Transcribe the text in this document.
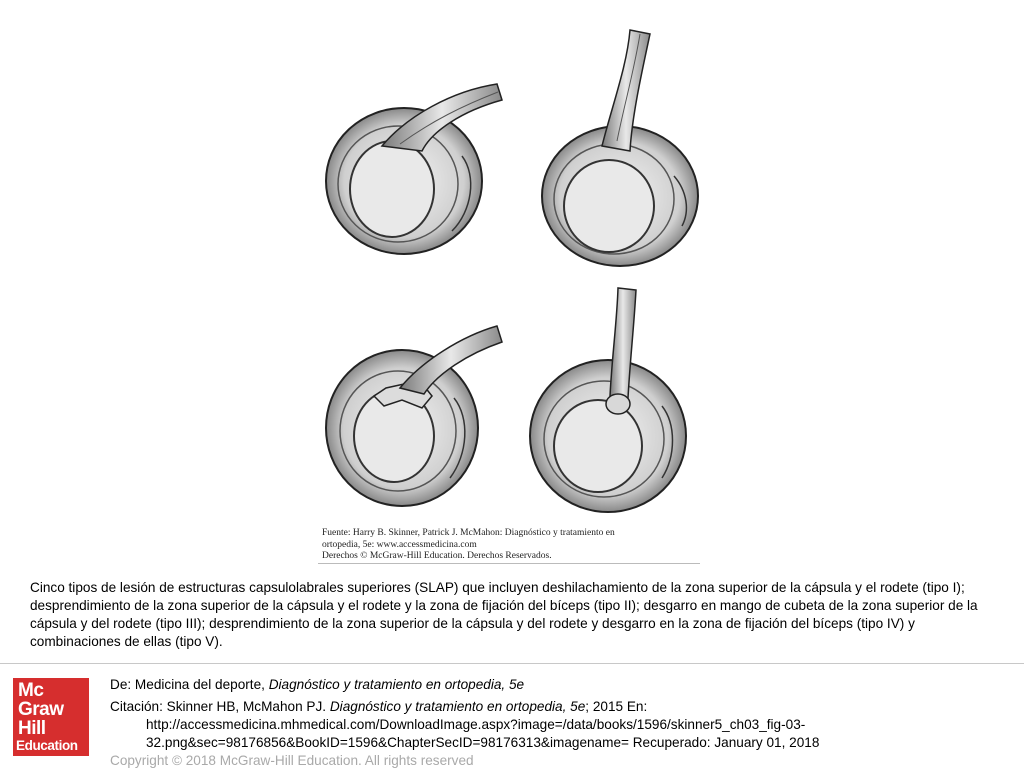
Fuente: Harry B. Skinner, Patrick J. McMahon: Diagnóstico y tratamiento en
ortopedia, 5e: www.accessmedicina.com
Derechos © McGraw-Hill Education. Derechos Reservados.
Cinco tipos de lesión de estructuras capsulolabrales superiores (SLAP) que incluyen deshilachamiento de la zona superior de la cápsula y el rodete (tipo I); desprendimiento de la zona superior de la cápsula y el rodete y la zona de fijación del bíceps (tipo II); desgarro en mango de cubeta de la zona superior de la cápsula y del rodete (tipo III); desprendimiento de la zona superior de la cápsula y del rodete y desgarro en la zona de fijación del bíceps (tipo IV) y combinaciones de ellas (tipo V).
Mc
Graw
Hill
Education
De: Medicina del deporte, Diagnóstico y tratamiento en ortopedia, 5e
Citación: Skinner HB, McMahon PJ. Diagnóstico y tratamiento en ortopedia, 5e; 2015 En:
http://accessmedicina.mhmedical.com/DownloadImage.aspx?image=/data/books/1596/skinner5_ch03_fig-03-
32.png&sec=98176856&BookID=1596&ChapterSecID=98176313&imagename= Recuperado: January 01, 2018
Copyright © 2018 McGraw-Hill Education. All rights reserved
